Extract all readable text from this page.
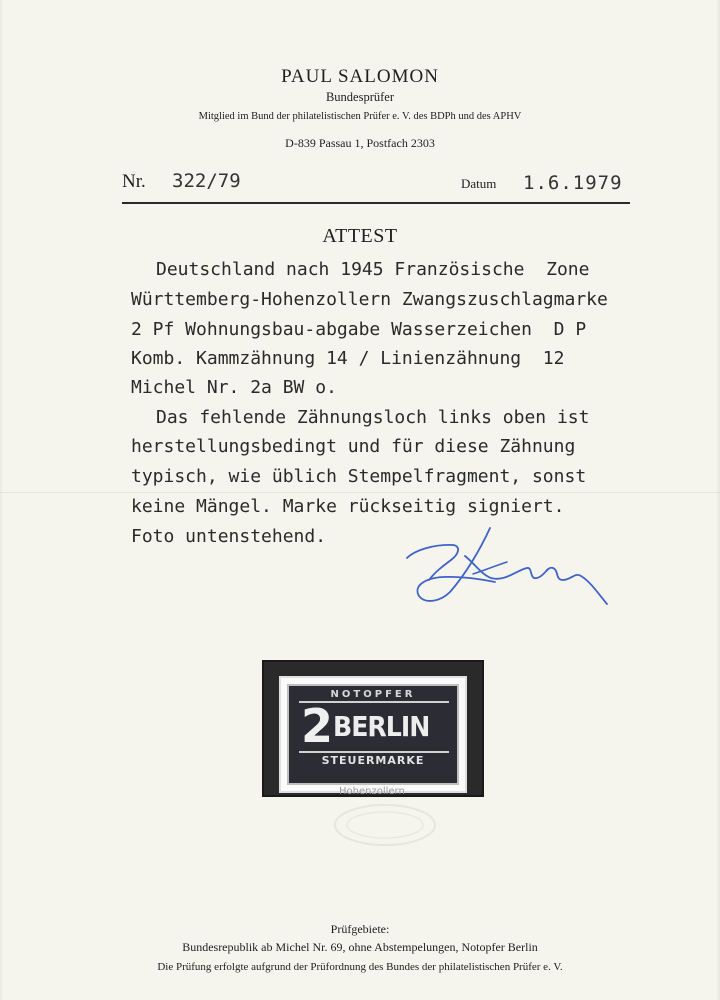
PAUL SALOMON
Bundesprüfer
Mitglied im Bund der philatelistischen Prüfer e. V. des BDPh und des APHV
D-839 Passau 1, Postfach 2303
Nr. 322/79	Datum 1.6.1979
ATTEST
Deutschland nach 1945 Französische  Zone
Württemberg-Hohenzollern Zwangszuschlagmarke
2 Pf Wohnungsbau-abgabe Wasserzeichen  D P
Komb. Kammzähnung 14 / Linienzähnung  12
Michel Nr. 2a BW o.
Das fehlende Zähnungsloch links oben ist
herstellungsbedingt und für diese Zähnung
typisch, wie üblich Stempelfragment, sonst
keine Mängel. Marke rückseitig signiert.
Foto untenstehend.
NOTOPFER
2 BERLIN
STEUERMARKE
Hohenzollern
Prüfgebiete:
Bundesrepublik ab Michel Nr. 69, ohne Abstempelungen, Notopfer Berlin
Die Prüfung erfolgte aufgrund der Prüfordnung des Bundes der philatelistischen Prüfer e. V.
